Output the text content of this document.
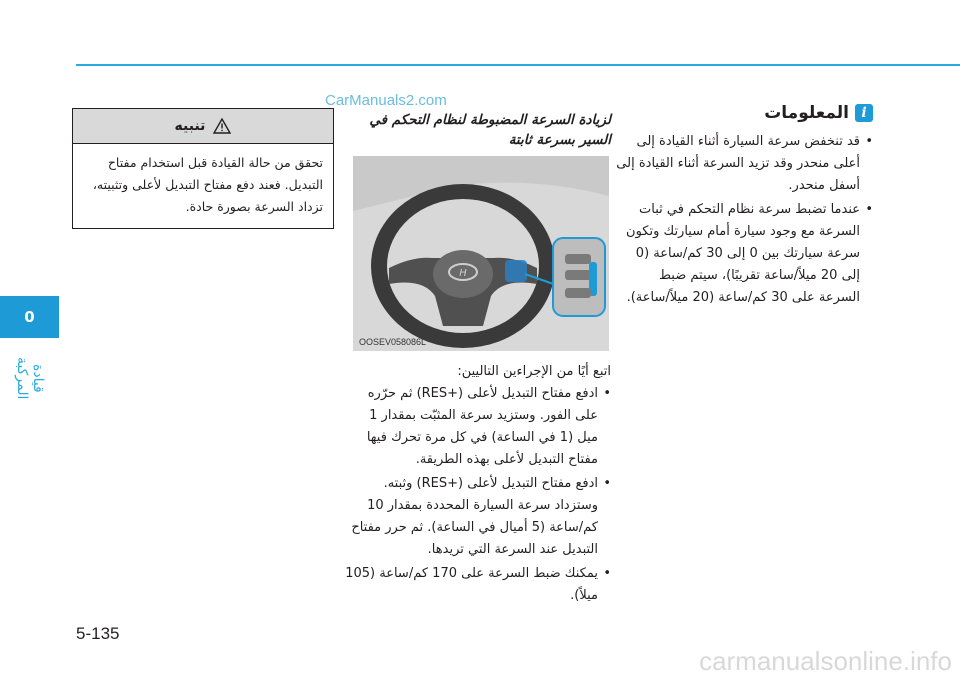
CarManuals2.com
i
المعلومات
• قد تنخفض سرعة السيارة أثناء القيادة إلى أعلى منحدر وقد تزيد السرعة أثناء القيادة إلى أسفل منحدر.
• عندما تضبط سرعة نظام التحكم في ثبات السرعة مع وجود سيارة أمام سيارتك وتكون سرعة سيارتك بين 0 إلى 30 كم/ساعة (0 إلى 20 ميلاً/ساعة تقريبًا)، سيتم ضبط السرعة على 30 كم/ساعة (20 ميلاً/ساعة).
لزيادة السرعة المضبوطة لنظام التحكم في السير بسرعة ثابتة
H
OOSEV058086L
اتبع أيًا من الإجراءين التاليين:
• ادفع مفتاح التبديل لأعلى (+RES) ثم حرّره على الفور. وستزيد سرعة المثبّت بمقدار 1 ميل (1 في الساعة) في كل مرة تحرك فيها مفتاح التبديل لأعلى بهذه الطريقة.
• ادفع مفتاح التبديل لأعلى (+RES) وثبته. وستزداد سرعة السيارة المحددة بمقدار 10 كم/ساعة (5 أميال في الساعة). ثم حرر مفتاح التبديل عند السرعة التي تريدها.
• يمكنك ضبط السرعة على 170 كم/ساعة (105 ميلاً).
تنبيه
تحقق من حالة القيادة قبل استخدام مفتاح التبديل. فعند دفع مفتاح التبديل لأعلى وتثبيته، تزداد السرعة بصورة حادة.
0
قيادة المركبة
5-135
carmanualsonline.info
